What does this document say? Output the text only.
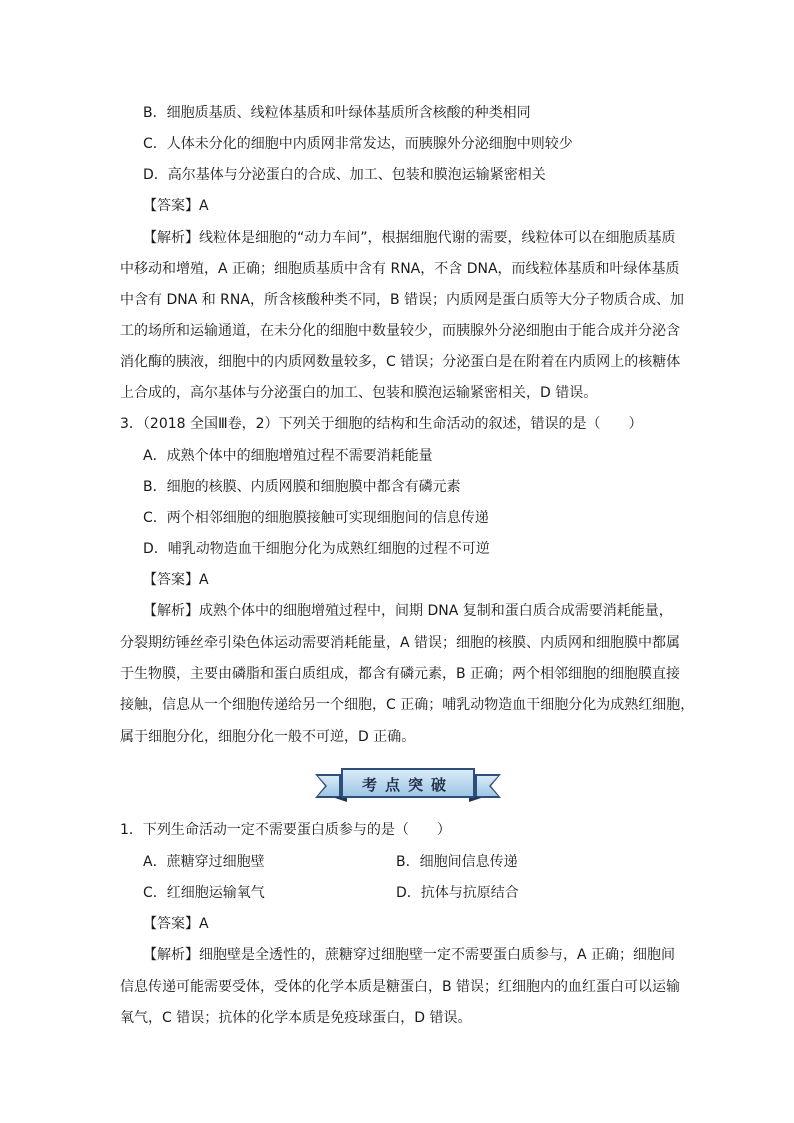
B．细胞质基质、线粒体基质和叶绿体基质所含核酸的种类相同
C．人体未分化的细胞中内质网非常发达，而胰腺外分泌细胞中则较少
D．高尔基体与分泌蛋白的合成、加工、包装和膜泡运输紧密相关
【答案】A
【解析】线粒体是细胞的“动力车间”，根据细胞代谢的需要，线粒体可以在细胞质基质
中移动和增殖，A 正确；细胞质基质中含有 RNA，不含 DNA，而线粒体基质和叶绿体基质
中含有 DNA 和 RNA，所含核酸种类不同，B 错误；内质网是蛋白质等大分子物质合成、加
工的场所和运输通道，在未分化的细胞中数量较少，而胰腺外分泌细胞由于能合成并分泌含
消化酶的胰液，细胞中的内质网数量较多，C 错误；分泌蛋白是在附着在内质网上的核糖体
上合成的，高尔基体与分泌蛋白的加工、包装和膜泡运输紧密相关，D 错误。
3．（2018 全国Ⅲ卷，2）下列关于细胞的结构和生命活动的叙述，错误的是（　　）
A．成熟个体中的细胞增殖过程不需要消耗能量
B．细胞的核膜、内质网膜和细胞膜中都含有磷元素
C．两个相邻细胞的细胞膜接触可实现细胞间的信息传递
D．哺乳动物造血干细胞分化为成熟红细胞的过程不可逆
【答案】A
【解析】成熟个体中的细胞增殖过程中，间期 DNA 复制和蛋白质合成需要消耗能量，
分裂期纺锤丝牵引染色体运动需要消耗能量，A 错误；细胞的核膜、内质网和细胞膜中都属
于生物膜，主要由磷脂和蛋白质组成，都含有磷元素，B 正确；两个相邻细胞的细胞膜直接
接触，信息从一个细胞传递给另一个细胞，C 正确；哺乳动物造血干细胞分化为成熟红细胞，
属于细胞分化，细胞分化一般不可逆，D 正确。
考点突破
1．下列生命活动一定不需要蛋白质参与的是（　　）
A．蔗糖穿过细胞壁	B．细胞间信息传递
C．红细胞运输氧气	D．抗体与抗原结合
【答案】A
【解析】细胞壁是全透性的，蔗糖穿过细胞壁一定不需要蛋白质参与，A 正确；细胞间
信息传递可能需要受体，受体的化学本质是糖蛋白，B 错误；红细胞内的血红蛋白可以运输
氧气，C 错误；抗体的化学本质是免疫球蛋白，D 错误。
